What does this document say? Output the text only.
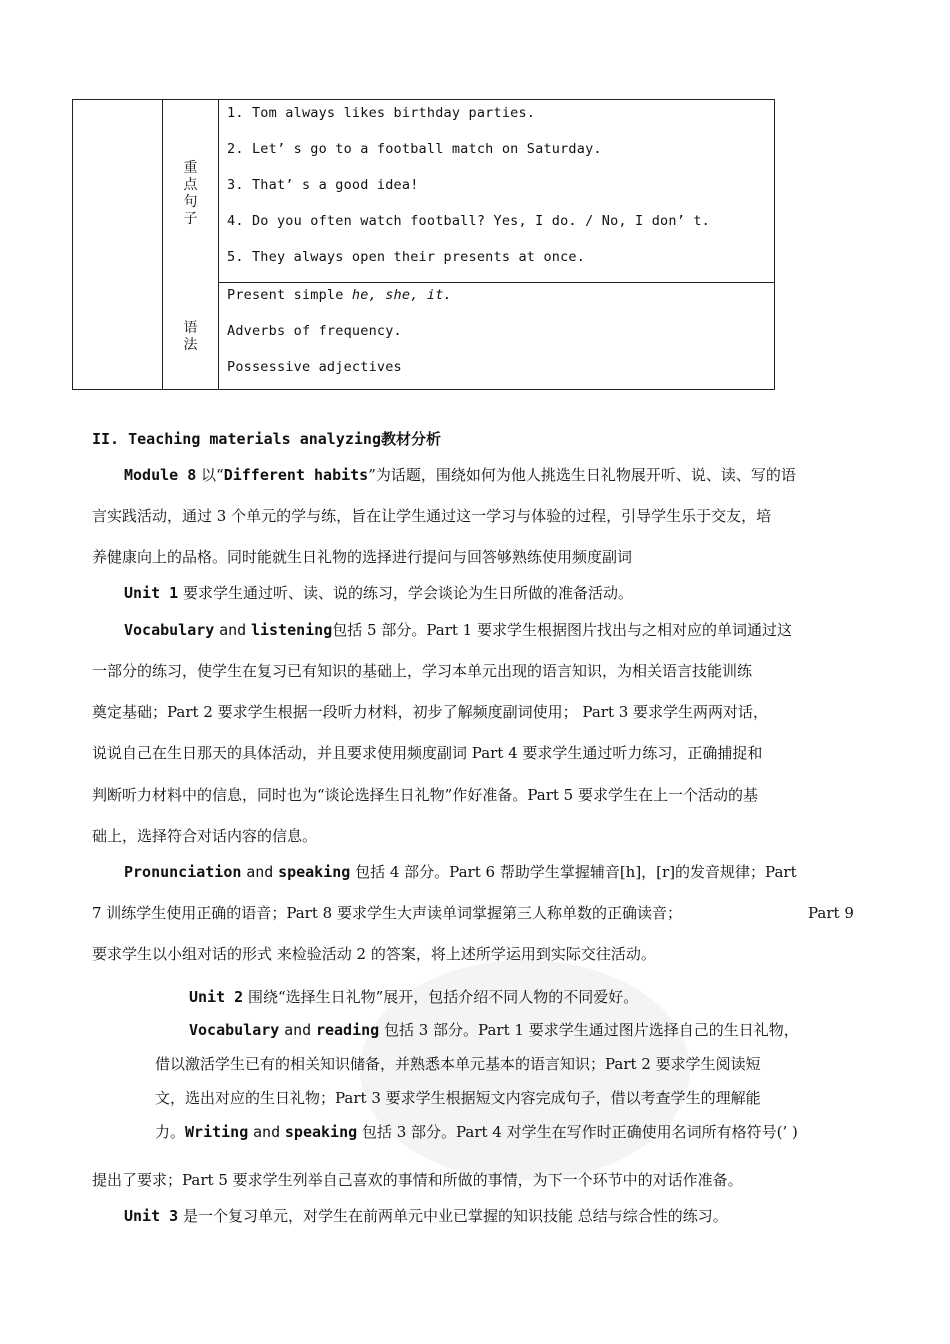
重
点
句
子
1. Tom always likes birthday parties.
2. Let’ s go to a football match on Saturday.
3. That’ s a good idea!
4. Do you often watch football? Yes, I do. / No, I don’ t.
5. They always open their presents at once.
语
法
Present simple he, she, it.
Adverbs of frequency.
Possessive adjectives
II. Teaching materials analyzing教材分析
Module 8 以“Different habits”为话题，围绕如何为他人挑选生日礼物展开听、说、读、写的语
言实践活动，通过 3 个单元的学与练，旨在让学生通过这一学习与体验的过程，引导学生乐于交友，培
养健康向上的品格。同时能就生日礼物的选择进行提问与回答够熟练使用频度副词
Unit 1 要求学生通过听、读、说的练习，学会谈论为生日所做的准备活动。
Vocabulary and listening包括 5 部分。Part 1 要求学生根据图片找出与之相对应的单词通过这
一部分的练习，使学生在复习已有知识的基础上，学习本单元出现的语言知识，为相关语言技能训练
奠定基础；Part 2 要求学生根据一段听力材料，初步了解频度副词使用； Part 3 要求学生两两对话，
说说自己在生日那天的具体活动，并且要求使用频度副词 Part 4 要求学生通过听力练习，正确捕捉和
判断听力材料中的信息，同时也为“谈论选择生日礼物”作好准备。Part 5 要求学生在上一个活动的基
础上，选择符合对话内容的信息。
Pronunciation and speaking 包括 4 部分。Part 6 帮助学生掌握辅音[h]，[r]的发音规律；Part
7 训练学生使用正确的语音；Part 8 要求学生大声读单词掌握第三人称单数的正确读音；	Part 9
要求学生以小组对话的形式 来检验活动 2 的答案，将上述所学运用到实际交往活动。
Unit 2 围绕“选择生日礼物”展开，包括介绍不同人物的不同爱好。
Vocabulary and reading 包括 3 部分。Part 1 要求学生通过图片选择自己的生日礼物，
借以激活学生已有的相关知识储备，并熟悉本单元基本的语言知识；Part 2 要求学生阅读短
文，选出对应的生日礼物；Part 3 要求学生根据短文内容完成句子，借以考查学生的理解能
力。Writing and speaking 包括 3 部分。Part 4 对学生在写作时正确使用名词所有格符号(’ )
提出了要求；Part 5 要求学生列举自己喜欢的事情和所做的事情，为下一个环节中的对话作准备。
Unit 3 是一个复习单元，对学生在前两单元中业已掌握的知识技能 总结与综合性的练习。
